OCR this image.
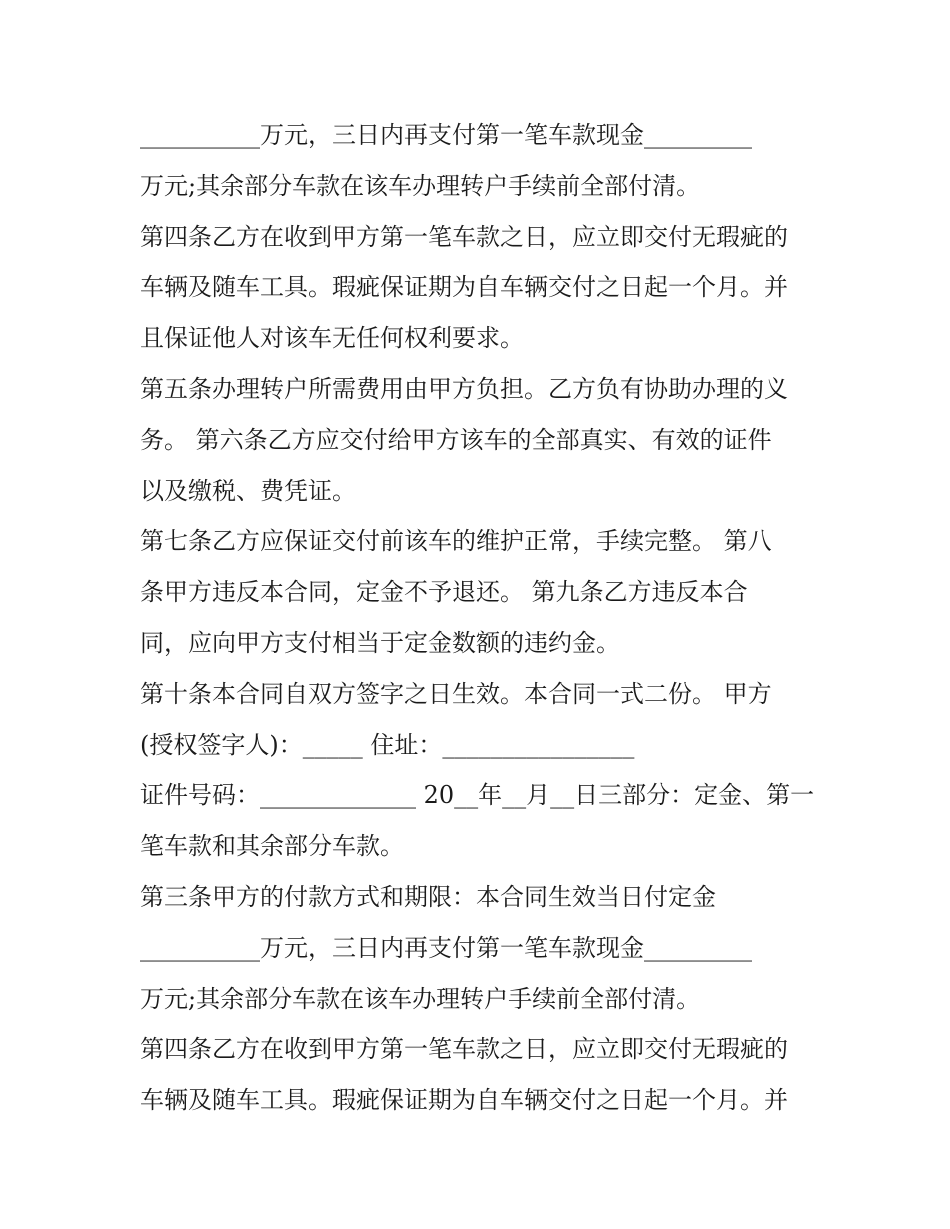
__________万元，三日内再支付第一笔车款现金_________
万元;其余部分车款在该车办理转户手续前全部付清。
第四条乙方在收到甲方第一笔车款之日，应立即交付无瑕疵的
车辆及随车工具。瑕疵保证期为自车辆交付之日起一个月。并
且保证他人对该车无任何权利要求。
第五条办理转户所需费用由甲方负担。乙方负有协助办理的义
务。 第六条乙方应交付给甲方该车的全部真实、有效的证件
以及缴税、费凭证。
第七条乙方应保证交付前该车的维护正常，手续完整。 第八
条甲方违反本合同，定金不予退还。 第九条乙方违反本合
同，应向甲方支付相当于定金数额的违约金。
第十条本合同自双方签字之日生效。本合同一式二份。 甲方
(授权签字人)：_____ 住址：________________
证件号码：_____________ 20__年__月__日三部分：定金、第一
笔车款和其余部分车款。
第三条甲方的付款方式和期限：本合同生效当日付定金
__________万元，三日内再支付第一笔车款现金_________
万元;其余部分车款在该车办理转户手续前全部付清。
第四条乙方在收到甲方第一笔车款之日，应立即交付无瑕疵的
车辆及随车工具。瑕疵保证期为自车辆交付之日起一个月。并
